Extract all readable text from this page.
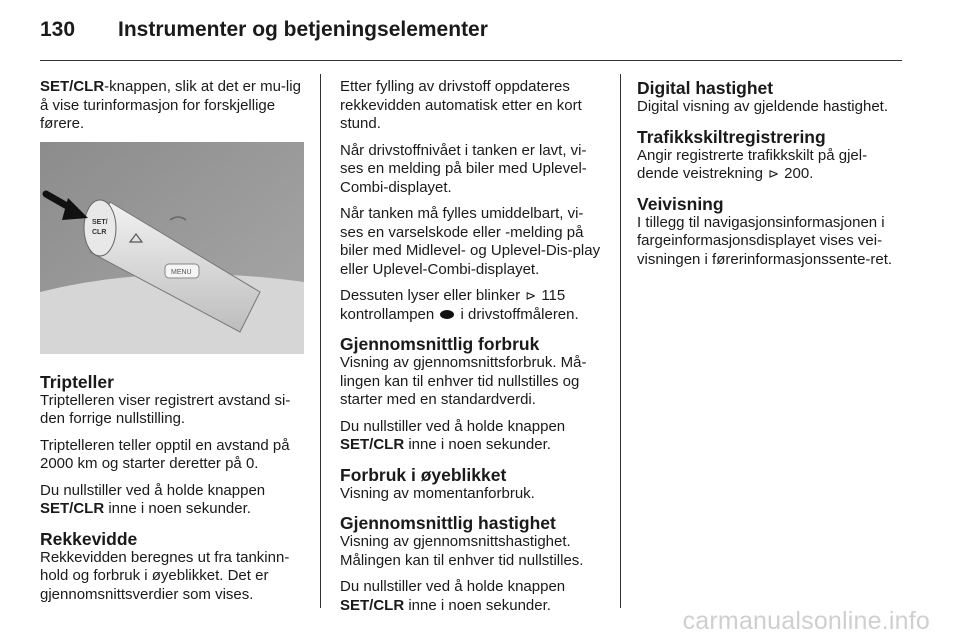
130	Instrumenter og betjeningselementer

SET/CLR-knappen, slik at det er mu-lig å vise turinformasjon for forskjellige førere.

SET/
CLR
MENU
Tripteller

Triptelleren viser registrert avstand si-den forrige nullstilling.

Triptelleren teller opptil en avstand på 2000 km og starter deretter på 0.

Du nullstiller ved å holde knappen
SET/CLR inne i noen sekunder.

Rekkevidde

Rekkevidden beregnes ut fra tankinn-hold og forbruk i øyeblikket. Det er gjennomsnittsverdier som vises.

Etter fylling av drivstoff oppdateres rekkevidden automatisk etter en kort stund.

Når drivstoffnivået i tanken er lavt, vi-ses en melding på biler med Uplevel-Combi-displayet.

Når tanken må fylles umiddelbart, vi-ses en varselskode eller -melding på biler med Midlevel- og Uplevel-Dis-play eller Uplevel-Combi-displayet.

Dessuten lyser eller blinker ⊳ 115
kontrollampen  i drivstoffmåleren.

Gjennomsnittlig forbruk

Visning av gjennomsnittsforbruk. Må-lingen kan til enhver tid nullstilles og starter med en standardverdi.

Du nullstiller ved å holde knappen
SET/CLR inne i noen sekunder.

Forbruk i øyeblikket

Visning av momentanforbruk.

Gjennomsnittlig hastighet

Visning av gjennomsnittshastighet. Målingen kan til enhver tid nullstilles.

Du nullstiller ved å holde knappen
SET/CLR inne i noen sekunder.

Digital hastighet

Digital visning av gjeldende hastighet.

Trafikkskiltregistrering

Angir registrerte trafikkskilt på gjel-dende veistrekning ⊳ 200.

Veivisning

I tillegg til navigasjonsinformasjonen i fargeinformasjonsdisplayet vises vei-visningen i førerinformasjonssente-ret.

carmanualsonline.info
